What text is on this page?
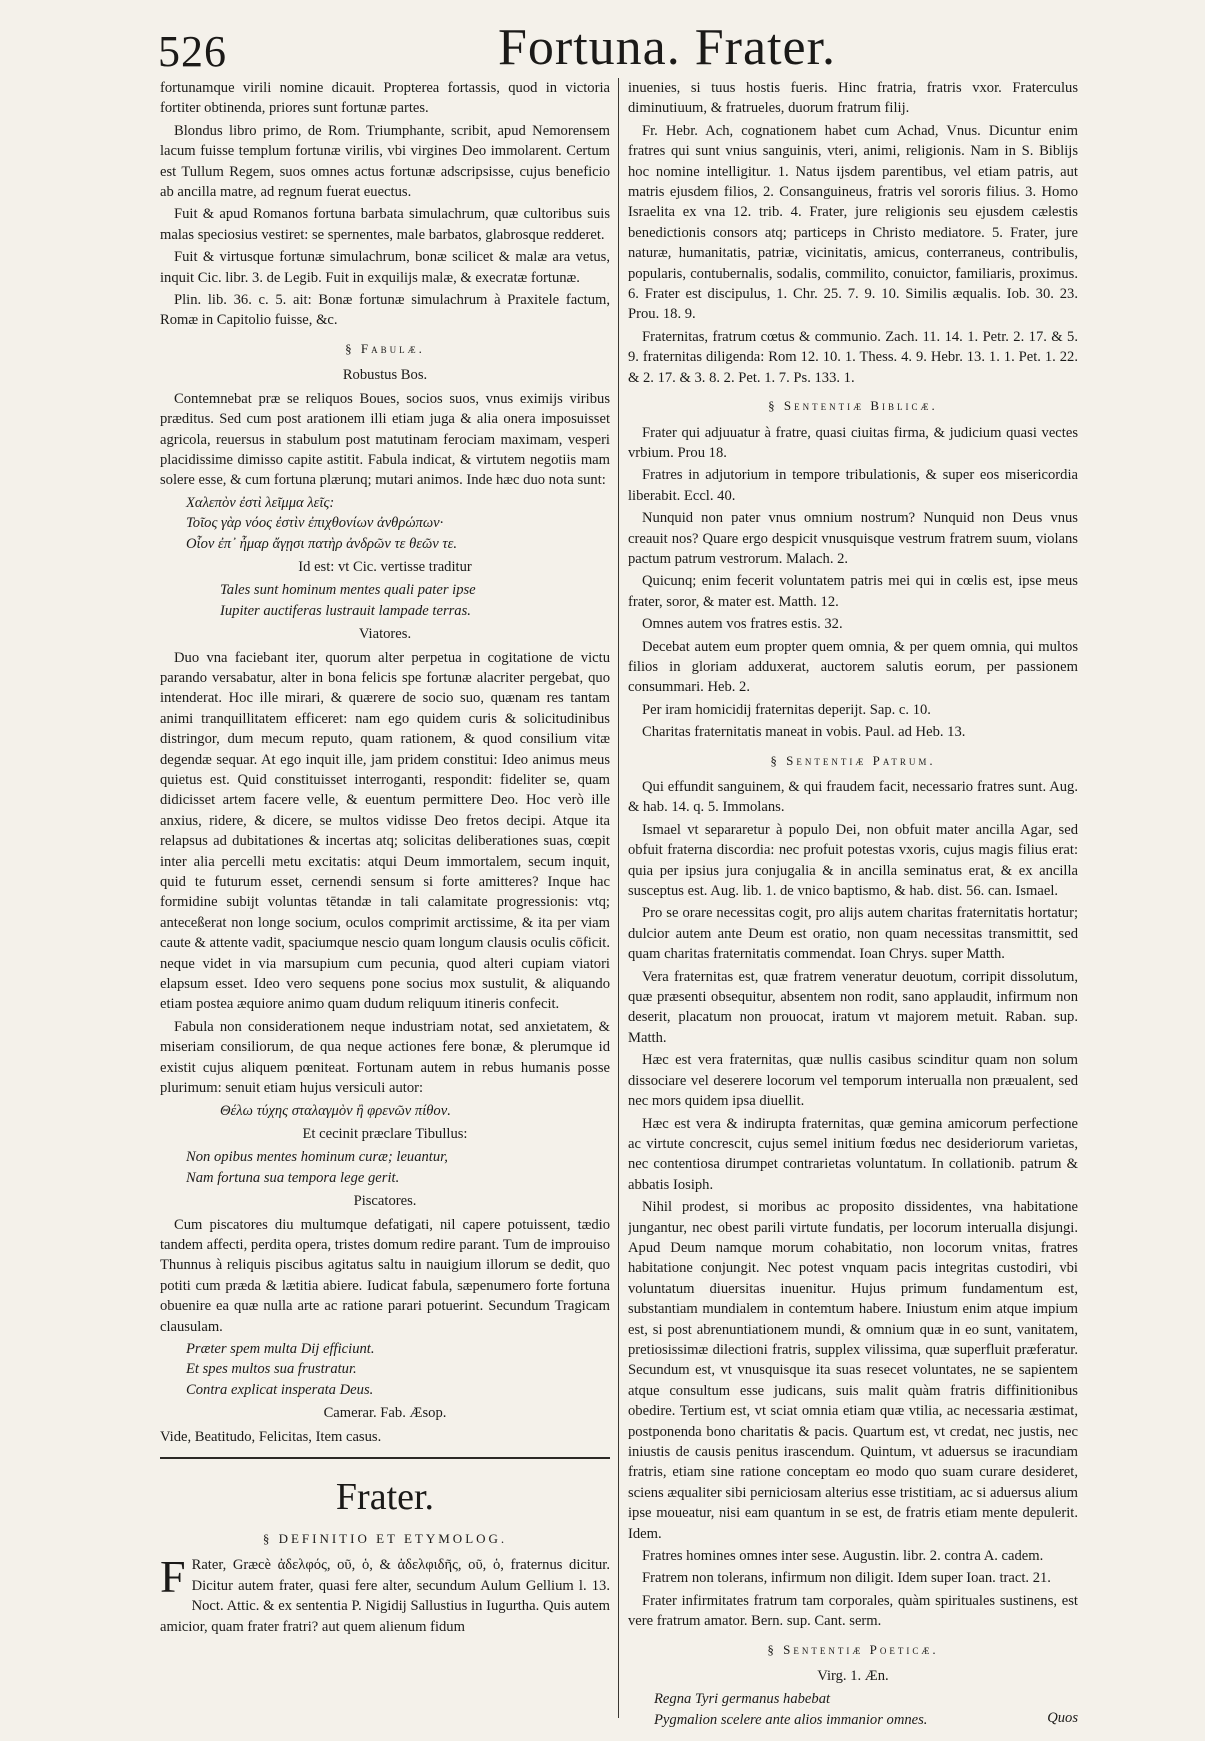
526	Fortuna. Frater.

fortunamque virili nomine dicauit. Propterea fortassis, quod in victoria fortiter obtinenda, priores sunt fortunæ partes.

Blondus libro primo, de Rom. Triumphante, scribit, apud Nemorensem lacum fuisse templum fortunæ virilis, vbi virgines Deo immolarent. Certum est Tullum Regem, suos omnes actus fortunæ adscripsisse, cujus beneficio ab ancilla matre, ad regnum fuerat euectus.

Fuit & apud Romanos fortuna barbata simulachrum, quæ cultoribus suis malas speciosius vestiret: se spernentes, male barbatos, glabrosque redderet.

Fuit & virtusque fortunæ simulachrum, bonæ scilicet & malæ ara vetus, inquit Cic. libr. 3. de Legib. Fuit in exquilijs malæ, & execratæ fortunæ.

Plin. lib. 36. c. 5. ait: Bonæ fortunæ simulachrum à Praxitele factum, Romæ in Capitolio fuisse, &c.

§ Fabulæ.
Robustus Bos.

Contemnebat præ se reliquos Boues, socios suos, vnus eximijs viribus præditus. Sed cum post arationem illi etiam juga & alia onera imposuisset agricola, reuersus in stabulum post matutinam ferociam maximam, vesperi placidissime dimisso capite astitit. Fabula indicat, & virtutem negotiis mam solere esse, & cum fortuna plærunq; mutari animos. Inde hæc duo nota sunt:

Χαλεπὸν ἐστὶ λεῖμμα λεῖς:
Τοῖος γὰρ νόος ἐστὶν ἐπιχθονίων ἀνθρώπων·
Οἷον ἐπ᾽ ἦμαρ ἄγῃσι πατὴρ ἀνδρῶν τε θεῶν τε.
Id est: vt Cic. vertisse traditur
Tales sunt hominum mentes quali pater ipse
Iupiter auctiferas lustrauit lampade terras.
Viatores.

Duo vna faciebant iter, quorum alter perpetua in cogitatione de victu parando versabatur, alter in bona felicis spe fortunæ alacriter pergebat, quo intenderat. Hoc ille mirari, & quærere de socio suo, quænam res tantam animi tranquillitatem efficeret: nam ego quidem curis & solicitudinibus distringor, dum mecum reputo, quam rationem, & quod consilium vitæ degendæ sequar. At ego inquit ille, jam pridem constitui: Ideo animus meus quietus est. Quid constituisset interroganti, respondit: fideliter se, quam didicisset artem facere velle, & euentum permittere Deo. Hoc verò ille anxius, ridere, & dicere, se multos vidisse Deo fretos decipi. Atque ita relapsus ad dubitationes & incertas atq; solicitas deliberationes suas, cœpit inter alia percelli metu excitatis: atqui Deum immortalem, secum inquit, quid te futurum esset, cernendi sensum si forte amitteres? Inque hac formidine subijt voluntas tētandæ in tali calamitate progressionis: vtq; anteceßerat non longe socium, oculos comprimit arctissime, & ita per viam caute & attente vadit, spaciumque nescio quam longum clausis oculis cōficit. neque videt in via marsupium cum pecunia, quod alteri cupiam viatori elapsum esset. Ideo vero sequens pone socius mox sustulit, & aliquando etiam postea æquiore animo quam dudum reliquum itineris confecit.

Fabula non considerationem neque industriam notat, sed anxietatem, & miseriam consiliorum, de qua neque actiones fere bonæ, & plerumque id existit cujus aliquem pœniteat. Fortunam autem in rebus humanis posse plurimum: senuit etiam hujus versiculi autor:

Θέλω τύχης σταλαγμὸν ἢ φρενῶν πίθον.
Et cecinit præclare Tibullus:
Non opibus mentes hominum curæ; leuantur,
Nam fortuna sua tempora lege gerit.
Piscatores.

Cum piscatores diu multumque defatigati, nil capere potuissent, tædio tandem affecti, perdita opera, tristes domum redire parant. Tum de improuiso Thunnus à reliquis piscibus agitatus saltu in nauigium illorum se dedit, quo potiti cum præda & lætitia abiere. Iudicat fabula, sæpenumero forte fortuna obuenire ea quæ nulla arte ac ratione parari potuerint. Secundum Tragicam clausulam.

Præter spem multa Dij efficiunt.
Et spes multos sua frustratur.
Contra explicat insperata Deus.
Camerar. Fab. Æsop.

Vide, Beatitudo, Felicitas, Item casus.

Frater.
§ DEFINITIO ET ETYMOLOG.

F Rater, Græcè ἀδελφός, οῦ, ὁ, & ἀδελφιδῆς, οῦ, ὁ, fraternus dicitur. Dicitur autem frater, quasi fere alter, secundum Aulum Gellium l. 13. Noct. Attic. & ex sententia P. Nigidij Sallustius in Iugurtha. Quis autem amicior, quam frater fratri? aut quem alienum fidum

inuenies, si tuus hostis fueris. Hinc fratria, fratris vxor. Fraterculus diminutiuum, & fratrueles, duorum fratrum filij.

Fr. Hebr. Ach, cognationem habet cum Achad, Vnus. Dicuntur enim fratres qui sunt vnius sanguinis, vteri, animi, religionis. Nam in S. Biblijs hoc nomine intelligitur. 1. Natus ijsdem parentibus, vel etiam patris, aut matris ejusdem filios, 2. Consanguineus, fratris vel sororis filius. 3. Homo Israelita ex vna 12. trib. 4. Frater, jure religionis seu ejusdem cælestis benedictionis consors atq; particeps in Christo mediatore. 5. Frater, jure naturæ, humanitatis, patriæ, vicinitatis, amicus, conterraneus, contribulis, popularis, contubernalis, sodalis, commilito, conuictor, familiaris, proximus. 6. Frater est discipulus, 1. Chr. 25. 7. 9. 10. Similis æqualis. Iob. 30. 23. Prou. 18. 9.

Fraternitas, fratrum cœtus & communio. Zach. 11. 14. 1. Petr. 2. 17. & 5. 9. fraternitas diligenda: Rom 12. 10. 1. Thess. 4. 9. Hebr. 13. 1. 1. Pet. 1. 22. & 2. 17. & 3. 8. 2. Pet. 1. 7. Ps. 133. 1.

§ Sententiæ Biblicæ.

Frater qui adjuuatur à fratre, quasi ciuitas firma, & judicium quasi vectes vrbium. Prou 18.

Fratres in adjutorium in tempore tribulationis, & super eos misericordia liberabit. Eccl. 40.

Nunquid non pater vnus omnium nostrum? Nunquid non Deus vnus creauit nos? Quare ergo despicit vnusquisque vestrum fratrem suum, violans pactum patrum vestrorum. Malach. 2.

Quicunq; enim fecerit voluntatem patris mei qui in cœlis est, ipse meus frater, soror, & mater est. Matth. 12.

Omnes autem vos fratres estis. 32.

Decebat autem eum propter quem omnia, & per quem omnia, qui multos filios in gloriam adduxerat, auctorem salutis eorum, per passionem consummari. Heb. 2.

Per iram homicidij fraternitas deperijt. Sap. c. 10.

Charitas fraternitatis maneat in vobis. Paul. ad Heb. 13.

§ Sententiæ Patrum.

Qui effundit sanguinem, & qui fraudem facit, necessario fratres sunt. Aug. & hab. 14. q. 5. Immolans.

Ismael vt separaretur à populo Dei, non obfuit mater ancilla Agar, sed obfuit fraterna discordia: nec profuit potestas vxoris, cujus magis filius erat: quia per ipsius jura conjugalia & in ancilla seminatus erat, & ex ancilla susceptus est. Aug. lib. 1. de vnico baptismo, & hab. dist. 56. can. Ismael.

Pro se orare necessitas cogit, pro alijs autem charitas fraternitatis hortatur; dulcior autem ante Deum est oratio, non quam necessitas transmittit, sed quam charitas fraternitatis commendat. Ioan Chrys. super Matth.

Vera fraternitas est, quæ fratrem veneratur deuotum, corripit dissolutum, quæ præsenti obsequitur, absentem non rodit, sano applaudit, infirmum non deserit, placatum non prouocat, iratum vt majorem metuit. Raban. sup. Matth.

Hæc est vera fraternitas, quæ nullis casibus scinditur quam non solum dissociare vel deserere locorum vel temporum interualla non præualent, sed nec mors quidem ipsa diuellit.

Hæc est vera & indirupta fraternitas, quæ gemina amicorum perfectione ac virtute concrescit, cujus semel initium fœdus nec desideriorum varietas, nec contentiosa dirumpet contrarietas voluntatum. In collationib. patrum & abbatis Iosiph.

Nihil prodest, si moribus ac proposito dissidentes, vna habitatione jungantur, nec obest parili virtute fundatis, per locorum interualla disjungi. Apud Deum namque morum cohabitatio, non locorum vnitas, fratres habitatione conjungit. Nec potest vnquam pacis integritas custodiri, vbi voluntatum diuersitas inuenitur. Hujus primum fundamentum est, substantiam mundialem in contemtum habere. Iniustum enim atque impium est, si post abrenuntiationem mundi, & omnium quæ in eo sunt, vanitatem, pretiosissimæ dilectioni fratris, supplex vilissima, quæ superfluit præferatur. Secundum est, vt vnusquisque ita suas resecet voluntates, ne se sapientem atque consultum esse judicans, suis malit quàm fratris diffinitionibus obedire. Tertium est, vt sciat omnia etiam quæ vtilia, ac necessaria æstimat, postponenda bono charitatis & pacis. Quartum est, vt credat, nec justis, nec iniustis de causis penitus irascendum. Quintum, vt aduersus se iracundiam fratris, etiam sine ratione conceptam eo modo quo suam curare desideret, sciens æqualiter sibi perniciosam alterius esse tristitiam, ac si aduersus alium ipse moueatur, nisi eam quantum in se est, de fratris etiam mente depulerit. Idem.

Fratres homines omnes inter sese. Augustin. libr. 2. contra A. cadem.

Fratrem non tolerans, infirmum non diligit. Idem super Ioan. tract. 21.

Frater infirmitates fratrum tam corporales, quàm spirituales sustinens, est vere fratrum amator. Bern. sup. Cant. serm.

§ Sententiæ Poeticæ.
Virg. 1. Æn.
Regna Tyri germanus habebat
Pygmalion scelere ante alios immanior omnes.	Quos
